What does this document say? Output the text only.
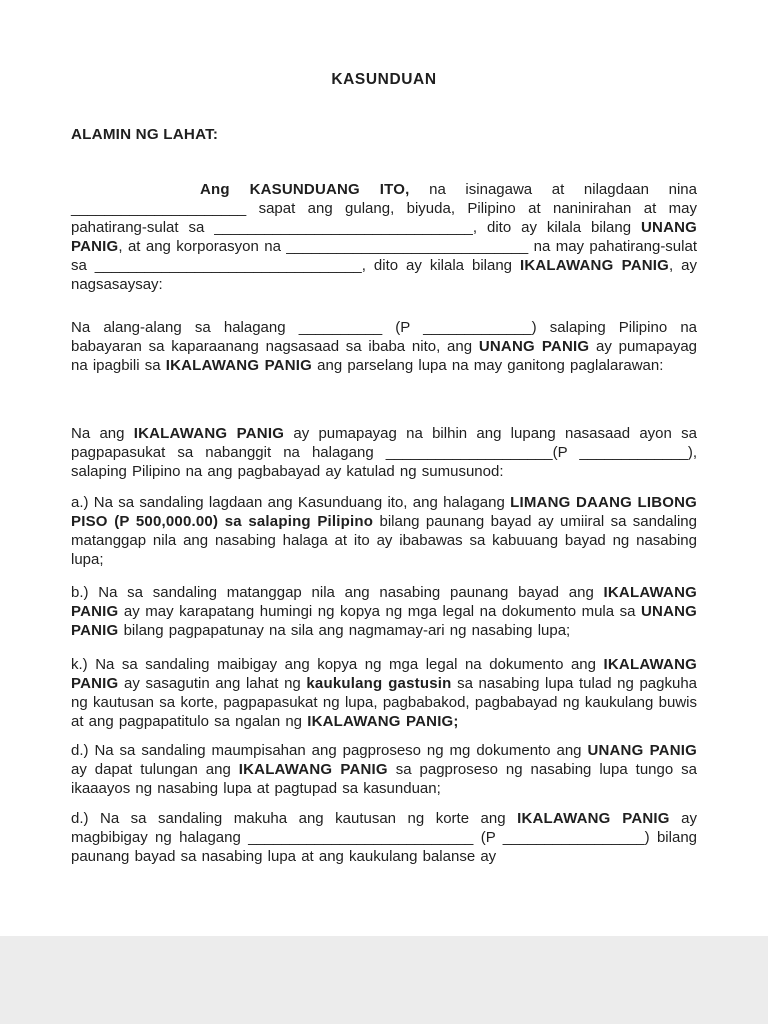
KASUNDUAN

ALAMIN NG LAHAT:

Ang KASUNDUANG ITO, na isinagawa at nilagdaan nina _____________________ sapat ang gulang, biyuda, Pilipino at naninirahan at may pahatirang-sulat sa _______________________________, dito ay kilala bilang UNANG PANIG, at ang korporasyon na _____________________________ na may pahatirang-sulat sa ________________________________, dito ay kilala bilang IKALAWANG PANIG, ay nagsasaysay:

Na alang-alang sa halagang __________ (P _____________) salaping Pilipino na babayaran sa kaparaanang nagsasaad sa ibaba nito, ang UNANG PANIG ay pumapayag na ipagbili sa IKALAWANG PANIG ang parselang lupa na may ganitong paglalarawan:

Na ang IKALAWANG PANIG ay pumapayag na bilhin ang lupang nasasaad ayon sa pagpapasukat sa nabanggit na halagang ____________________(P _____________), salaping Pilipino na ang pagbabayad ay katulad ng sumusunod:

a.) Na sa sandaling lagdaan ang Kasunduang ito, ang halagang LIMANG DAANG LIBONG PISO (P 500,000.00) sa salaping Pilipino bilang paunang bayad ay umiiral sa sandaling matanggap nila ang nasabing halaga at ito ay ibabawas sa kabuuang bayad ng nasabing lupa;

b.) Na sa sandaling matanggap nila ang nasabing paunang bayad ang IKALAWANG PANIG ay may karapatang humingi ng kopya ng mga legal na dokumento mula sa UNANG PANIG bilang pagpapatunay na sila ang nagmamay-ari ng nasabing lupa;

k.) Na sa sandaling maibigay ang kopya ng mga legal na dokumento ang IKALAWANG PANIG ay sasagutin ang lahat ng kaukulang gastusin sa nasabing lupa tulad ng pagkuha ng kautusan sa korte, pagpapasukat ng lupa, pagbabakod, pagbabayad ng kaukulang buwis at ang pagpapatitulo sa ngalan ng IKALAWANG PANIG;

d.) Na sa sandaling maumpisahan ang pagproseso ng mg dokumento ang UNANG PANIG ay dapat tulungan ang IKALAWANG PANIG sa pagproseso ng nasabing lupa tungo sa ikaaayos ng nasabing lupa at pagtupad sa kasunduan;

d.) Na sa sandaling makuha ang kautusan ng korte ang IKALAWANG PANIG ay magbibigay ng halagang ___________________________ (P _________________) bilang paunang bayad sa nasabing lupa at ang kaukulang balanse ay
